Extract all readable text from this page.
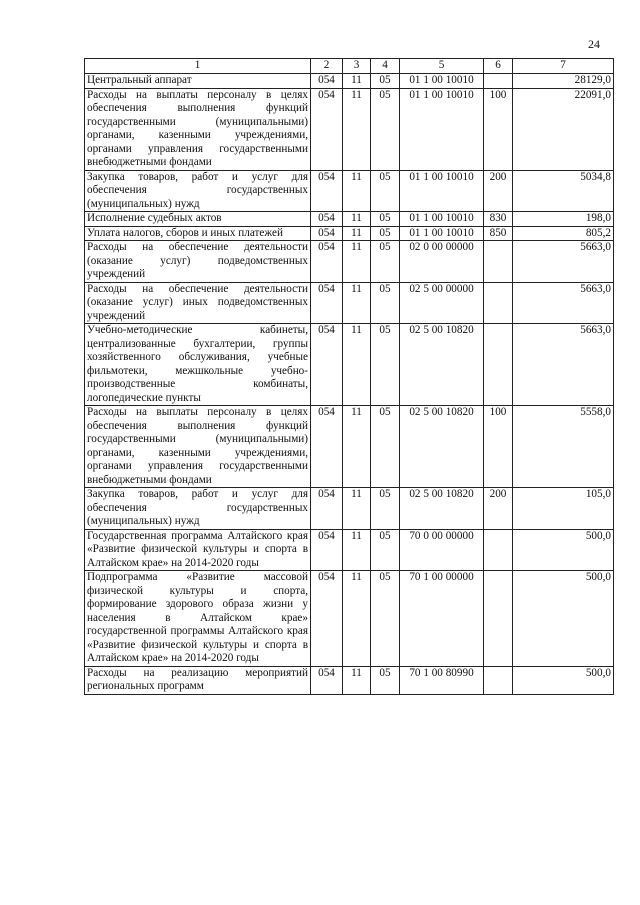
24
1	2	3	4	5	6	7
Центральный аппарат	054	11	05	01 1 00 10010		28129,0
Расходы на выплаты персоналу в целях обеспечения выполнения функций государственными (муниципальными) органами, казенными учреждениями, органами управления государственными внебюджетными фондами	054	11	05	01 1 00 10010	100	22091,0
Закупка товаров, работ и услуг для обеспечения государственных (муниципальных) нужд	054	11	05	01 1 00 10010	200	5034,8
Исполнение судебных актов	054	11	05	01 1 00 10010	830	198,0
Уплата налогов, сборов и иных платежей	054	11	05	01 1 00 10010	850	805,2
Расходы на обеспечение деятельности (оказание услуг) подведомственных учреждений	054	11	05	02 0 00 00000		5663,0
Расходы на обеспечение деятельности (оказание услуг) иных подведомственных учреждений	054	11	05	02 5 00 00000		5663,0
Учебно-методические кабинеты, централизованные бухгалтерии, группы хозяйственного обслуживания, учебные фильмотеки, межшкольные учебно-производственные комбинаты, логопедические пункты	054	11	05	02 5 00 10820		5663,0
Расходы на выплаты персоналу в целях обеспечения выполнения функций государственными (муниципальными) органами, казенными учреждениями, органами управления государственными внебюджетными фондами	054	11	05	02 5 00 10820	100	5558,0
Закупка товаров, работ и услуг для обеспечения государственных (муниципальных) нужд	054	11	05	02 5 00 10820	200	105,0
Государственная программа Алтайского края «Развитие физической культуры и спорта в Алтайском крае» на 2014-2020 годы	054	11	05	70 0 00 00000		500,0
Подпрограмма «Развитие массовой физической культуры и спорта, формирование здорового образа жизни у населения в Алтайском крае» государственной программы Алтайского края «Развитие физической культуры и спорта в Алтайском крае» на 2014-2020 годы	054	11	05	70 1 00 00000		500,0
Расходы на реализацию мероприятий региональных программ	054	11	05	70 1 00 80990		500,0
